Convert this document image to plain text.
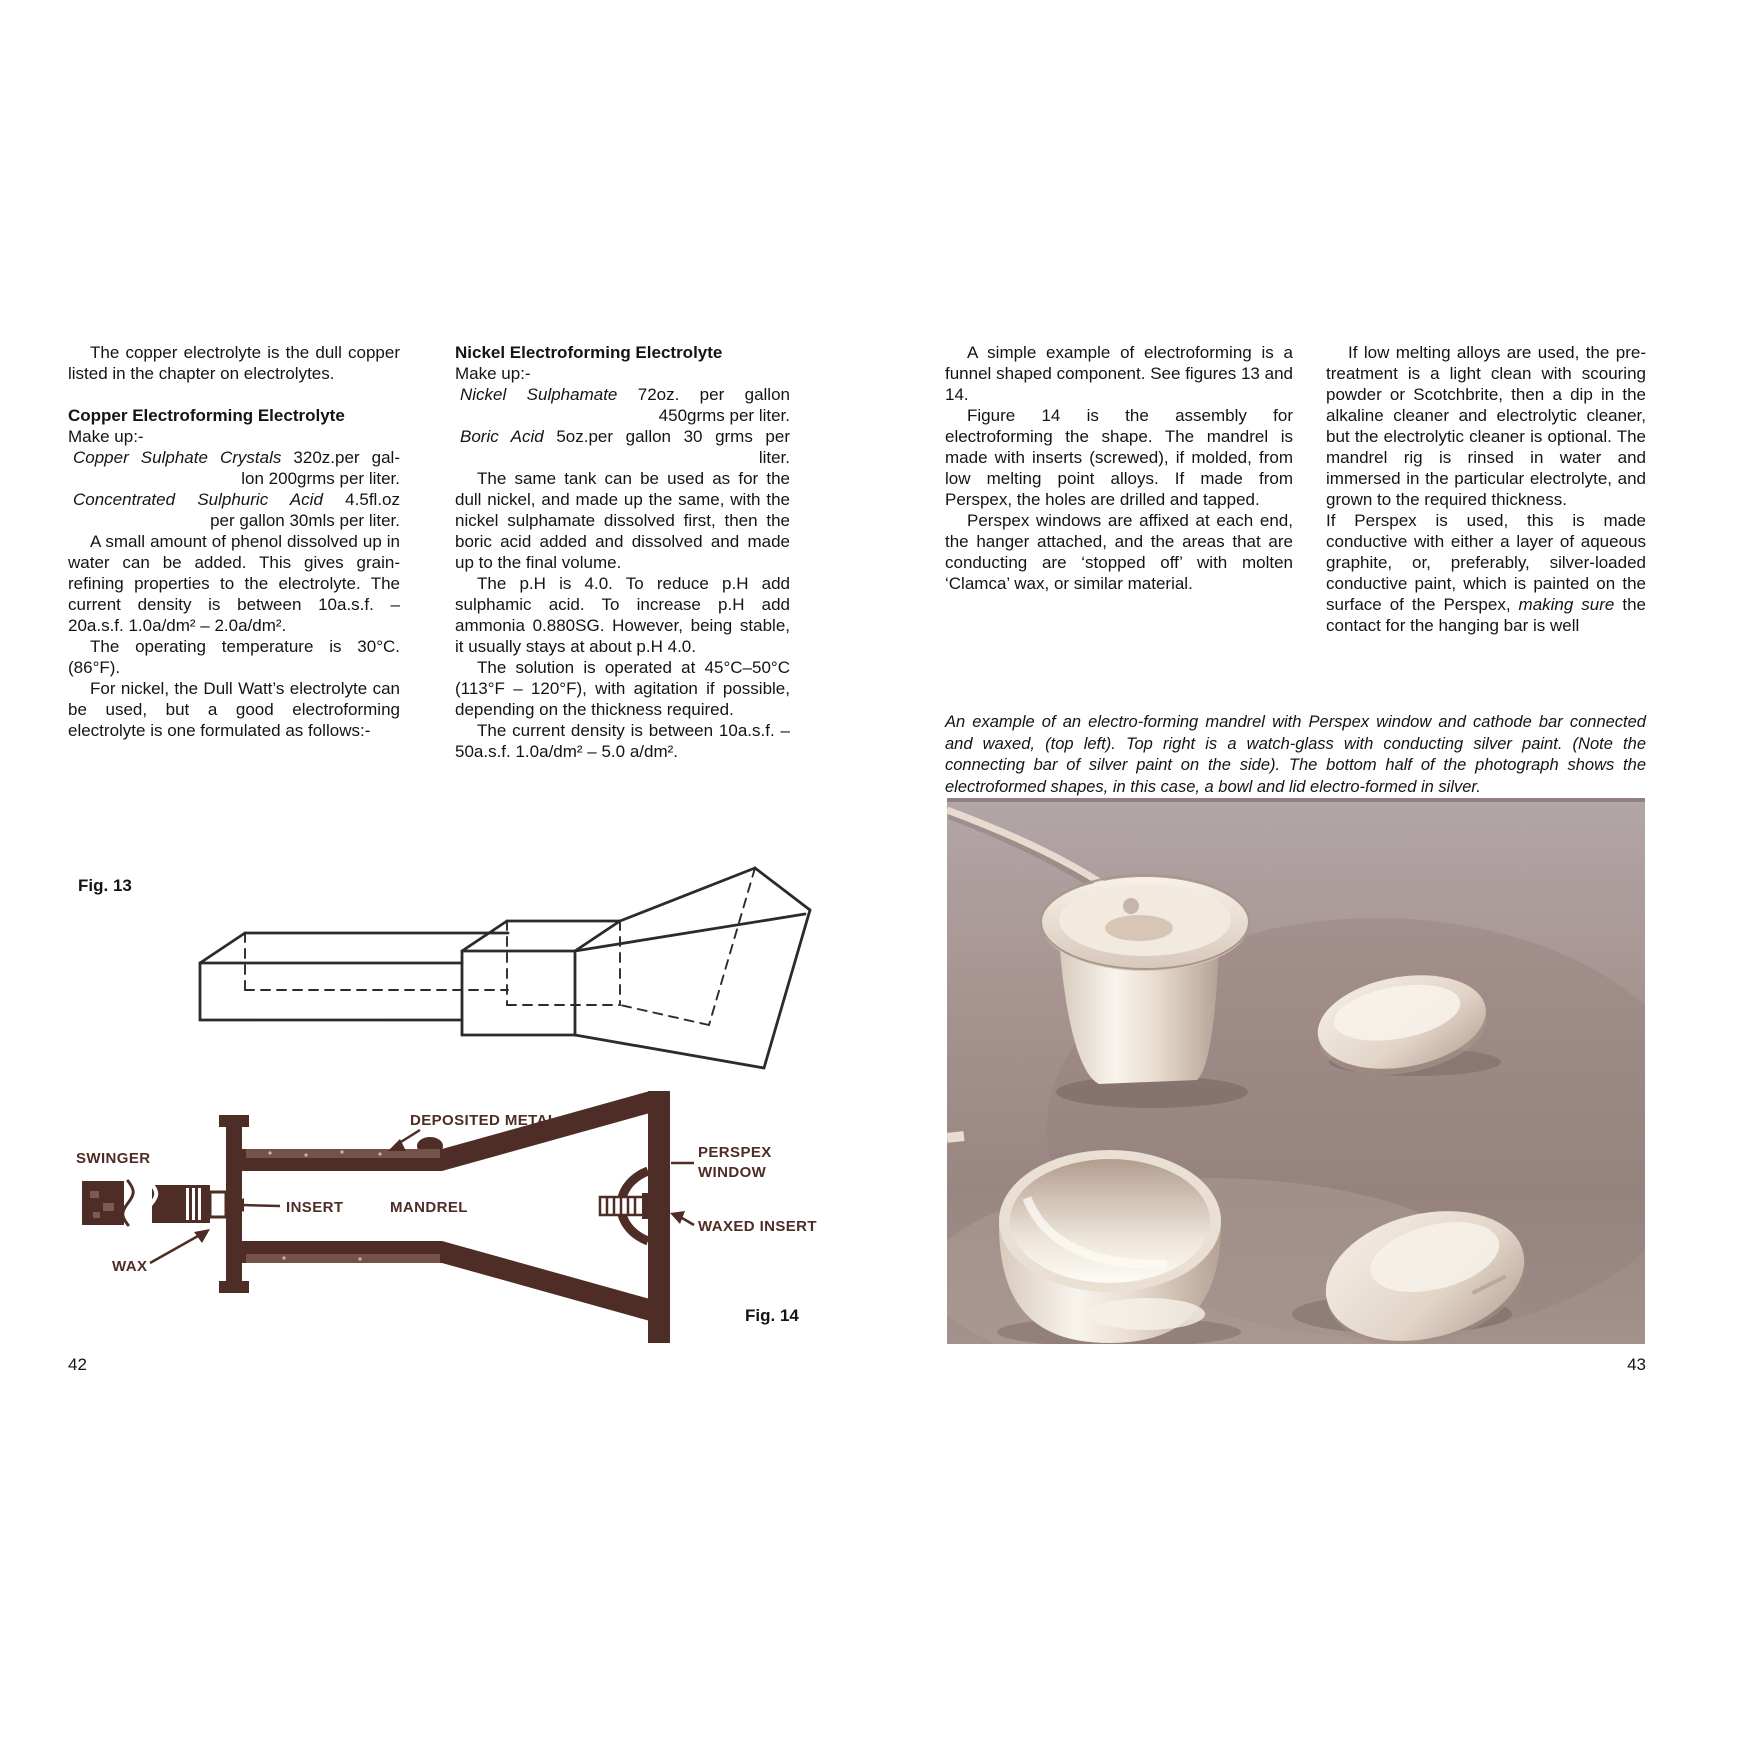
The copper electrolyte is the dull copper listed in the chapter on electrolytes.

Copper Electroforming Electrolyte

Make up:-

Copper Sulphate Crystals 320z.per gal-
lon 200grms per liter.
Concentrated Sulphuric Acid 4.5fl.oz
per gallon 30mls per liter.

A small amount of phenol dissolved up in water can be added. This gives grain-refining properties to the electrolyte. The current density is between 10a.s.f. – 20a.s.f. 1.0a/dm² – 2.0a/dm².

The operating temperature is 30°C. (86°F).

For nickel, the Dull Watt’s electrolyte can be used, but a good electroforming electrolyte is one formulated as follows:-

Nickel Electroforming Electrolyte

Make up:-

Nickel Sulphamate 72oz. per gallon
450grms per liter.
Boric Acid 5oz.per gallon 30 grms per
liter.

The same tank can be used as for the dull nickel, and made up the same, with the nickel sulphamate dissolved first, then the boric acid added and dissolved and made up to the final volume.

The p.H is 4.0. To reduce p.H add sulphamic acid. To increase p.H add ammonia 0.880SG. However, being stable, it usually stays at about p.H 4.0.

The solution is operated at 45°C–50°C (113°F – 120°F), with agitation if possible, depending on the thickness required.

The current density is between 10a.s.f. – 50a.s.f. 1.0a/dm² – 5.0 a/dm².

Fig. 13
SWINGER
WAX
INSERT	MANDREL
DEPOSITED METAL
PERSPEX
WINDOW
WAXED INSERT
Fig. 14
42

A simple example of electroforming is a funnel shaped component. See figures 13 and 14.

Figure 14 is the assembly for electroforming the shape. The mandrel is made with inserts (screwed), if molded, from low melting point alloys. If made from Perspex, the holes are drilled and tapped.

Perspex windows are affixed at each end, the hanger attached, and the areas that are conducting are ‘stopped off’ with molten ‘Clamca’ wax, or similar material.

If low melting alloys are used, the pre-treatment is a light clean with scouring powder or Scotchbrite, then a dip in the alkaline cleaner and electrolytic cleaner, but the electrolytic cleaner is optional. The mandrel rig is rinsed in water and immersed in the particular electrolyte, and grown to the required thickness.

If Perspex is used, this is made conductive with either a layer of aqueous graphite, or, preferably, silver-loaded conductive paint, which is painted on the surface of the Perspex, making sure the contact for the hanging bar is well

An example of an electro-forming mandrel with Perspex window and cathode bar connected and waxed, (top left). Top right is a watch-glass with conducting silver paint. (Note the connecting bar of silver paint on the side). The bottom half of the photograph shows the electroformed shapes, in this case, a bowl and lid electro-formed in silver.
43
